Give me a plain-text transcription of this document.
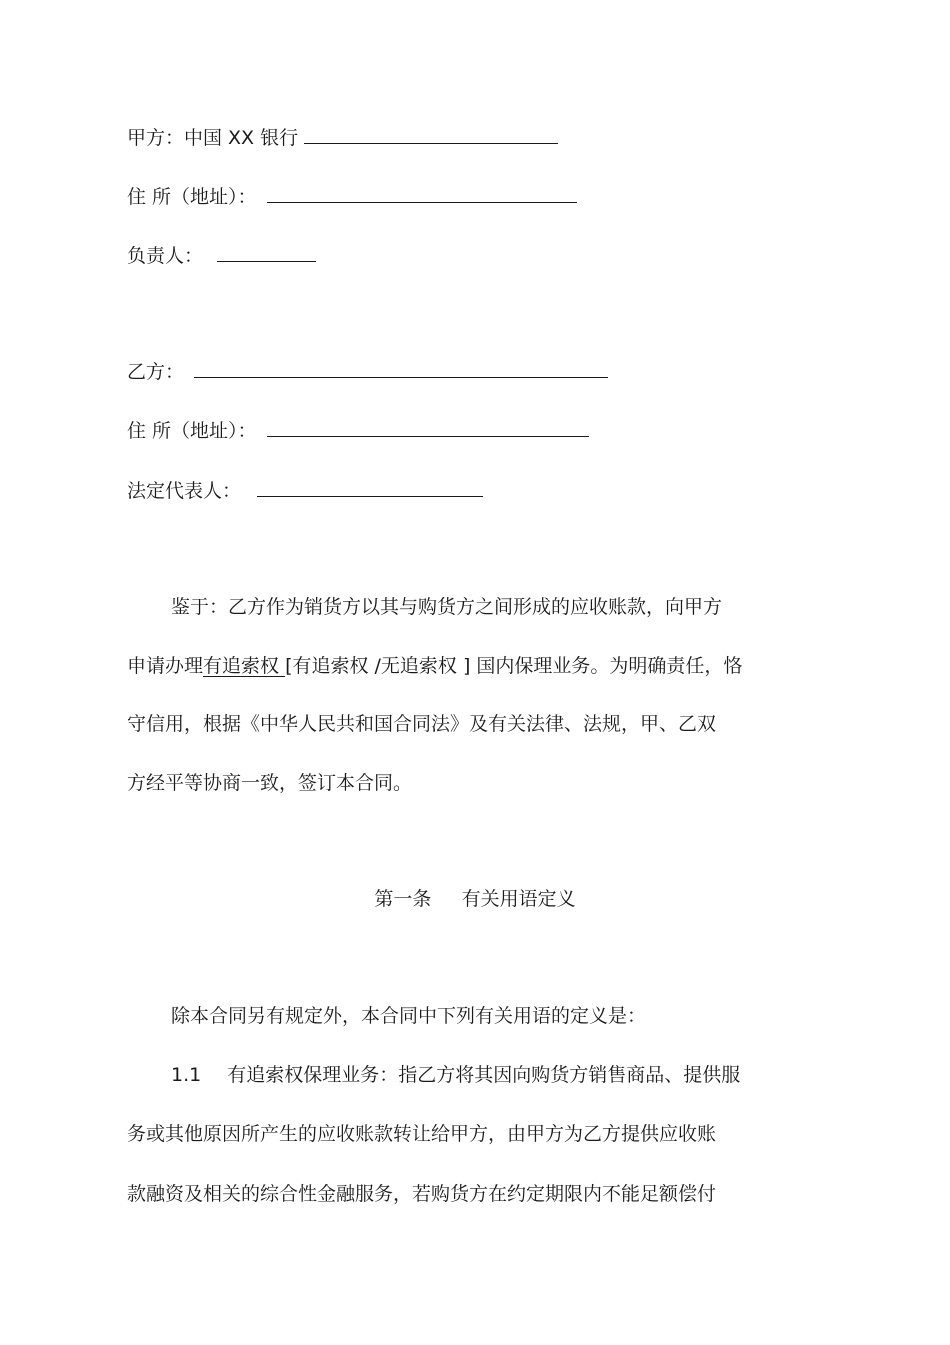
甲方：中国 XX 银行
住 所（地址）：
负责人：
乙方：
住 所（地址）：
法定代表人：
鉴于：乙方作为销货方以其与购货方之间形成的应收账款，向甲方
申请办理有追索权 [有追索权 /无追索权 ] 国内保理业务。为明确责任，恪
守信用，根据《中华人民共和国合同法》及有关法律、法规，甲、乙双
方经平等协商一致，签订本合同。
第一条     有关用语定义
除本合同另有规定外，本合同中下列有关用语的定义是：
1.1 有追索权保理业务：指乙方将其因向购货方销售商品、提供服
务或其他原因所产生的应收账款转让给甲方，由甲方为乙方提供应收账
款融资及相关的综合性金融服务，若购货方在约定期限内不能足额偿付
